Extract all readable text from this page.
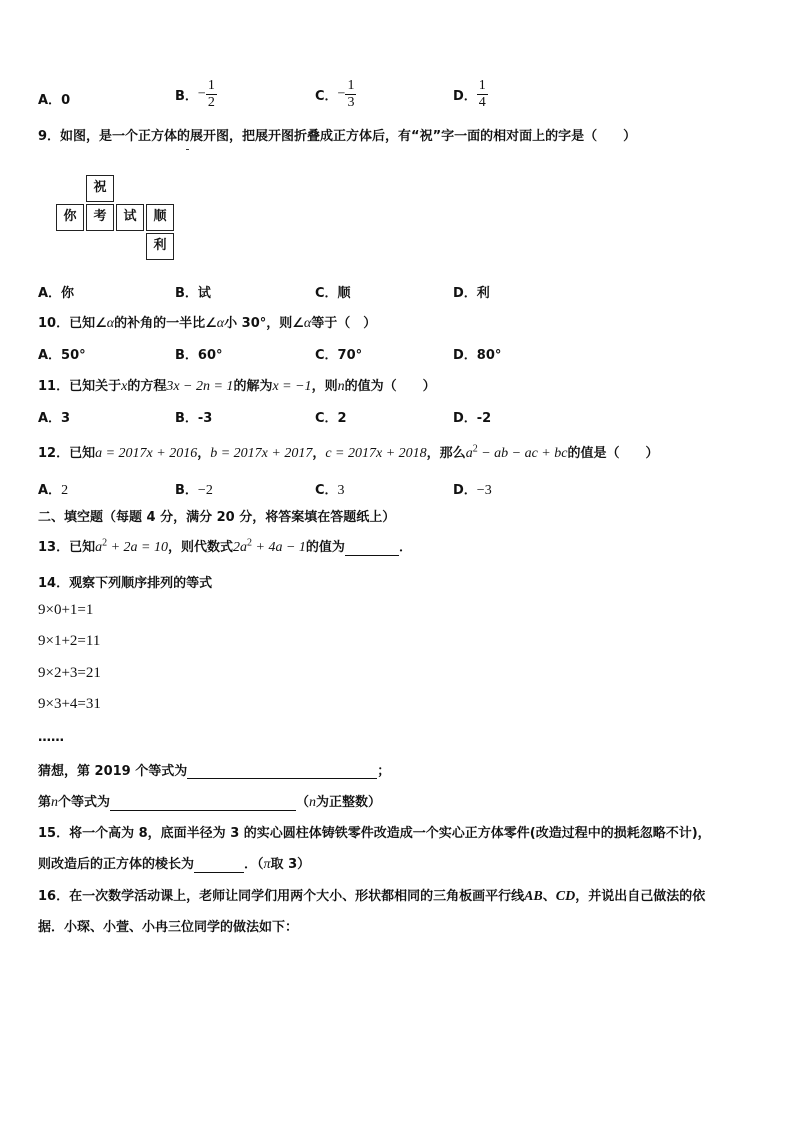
A．0	B．− $\frac{1}{2}$	C．− $\frac{1}{3}$	D． $\frac{1}{4}$
9．如图，是一个正方体的展开图，把展开图折叠成正方体后，有“祝”字一面的相对面上的字是（　　）
祝
你	考	试	顺
利
A．你	B．试	C．顺	D．利
10．已知∠α的补角的一半比∠α小 30°，则∠α等于（　）
A．50°	B．60°	C．70°	D．80°
11．已知关于x的方程3x − 2n = 1的解为x = −1，则n的值为（　　）
A．3	B．-3	C．2	D．-2
12．已知a = 2017x + 2016，b = 2017x + 2017，c = 2017x + 2018，那么$a^2$ − ab − ac + bc的值是（　　）
A．2	B．−2	C．3	D．−3
二、填空题（每题 4 分，满分 20 分，将答案填在答题纸上）
13．已知$a^2 + 2a = 10$，则代数式$2a^2 + 4a - 1$的值为	．
14．观察下列顺序排列的等式
9×0+1=1
9×1+2=11
9×2+3=21
9×3+4=31
……
猜想，第 2019 个等式为	；
第n个等式为	（n为正整数）
15．将一个高为 8，底面半径为 3 的实心圆柱体铸铁零件改造成一个实心正方体零件(改造过程中的损耗忽略不计)，
则改造后的正方体的棱长为	．（π取 3）
16．在一次数学活动课上，老师让同学们用两个大小、形状都相同的三角板画平行线AB、CD，并说出自己做法的依
据．小琛、小萱、小冉三位同学的做法如下：
